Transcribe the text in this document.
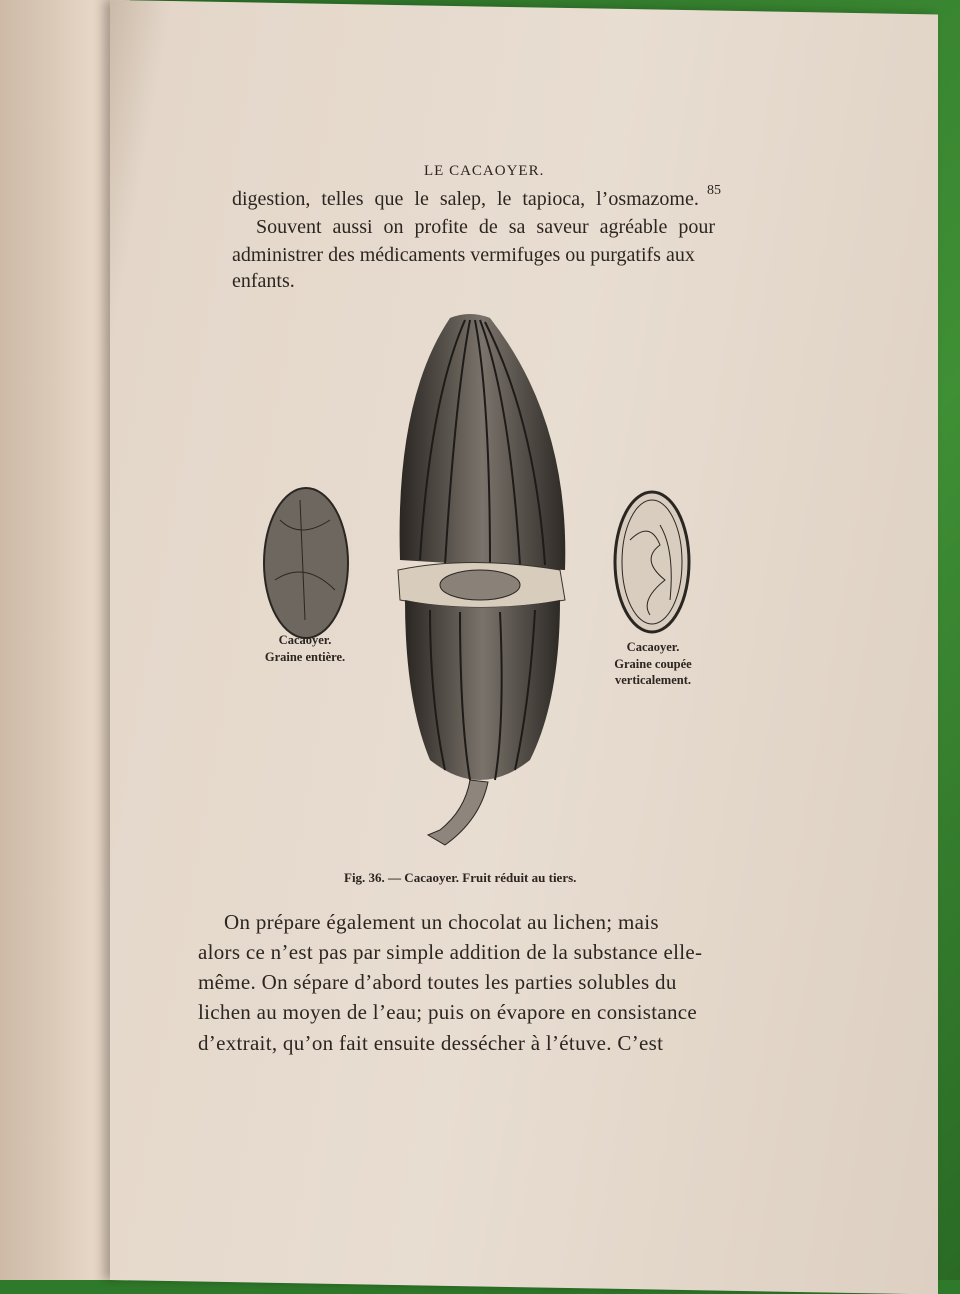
LE CACAOYER.
85
digestion, telles que le salep, le tapioca, l’osmazome.
Souvent aussi on profite de sa saveur agréable pour
administrer des médicaments vermifuges ou purgatifs aux
enfants.
Cacaoyer.
Graine entière.
Cacaoyer.
Graine coupée
verticalement.
Fig. 36. — Cacaoyer. Fruit réduit au tiers.
On prépare également un chocolat au lichen; mais
alors ce n’est pas par simple addition de la substance elle-
même. On sépare d’abord toutes les parties solubles du
lichen au moyen de l’eau; puis on évapore en consistance
d’extrait, qu’on fait ensuite dessécher à l’étuve. C’est
